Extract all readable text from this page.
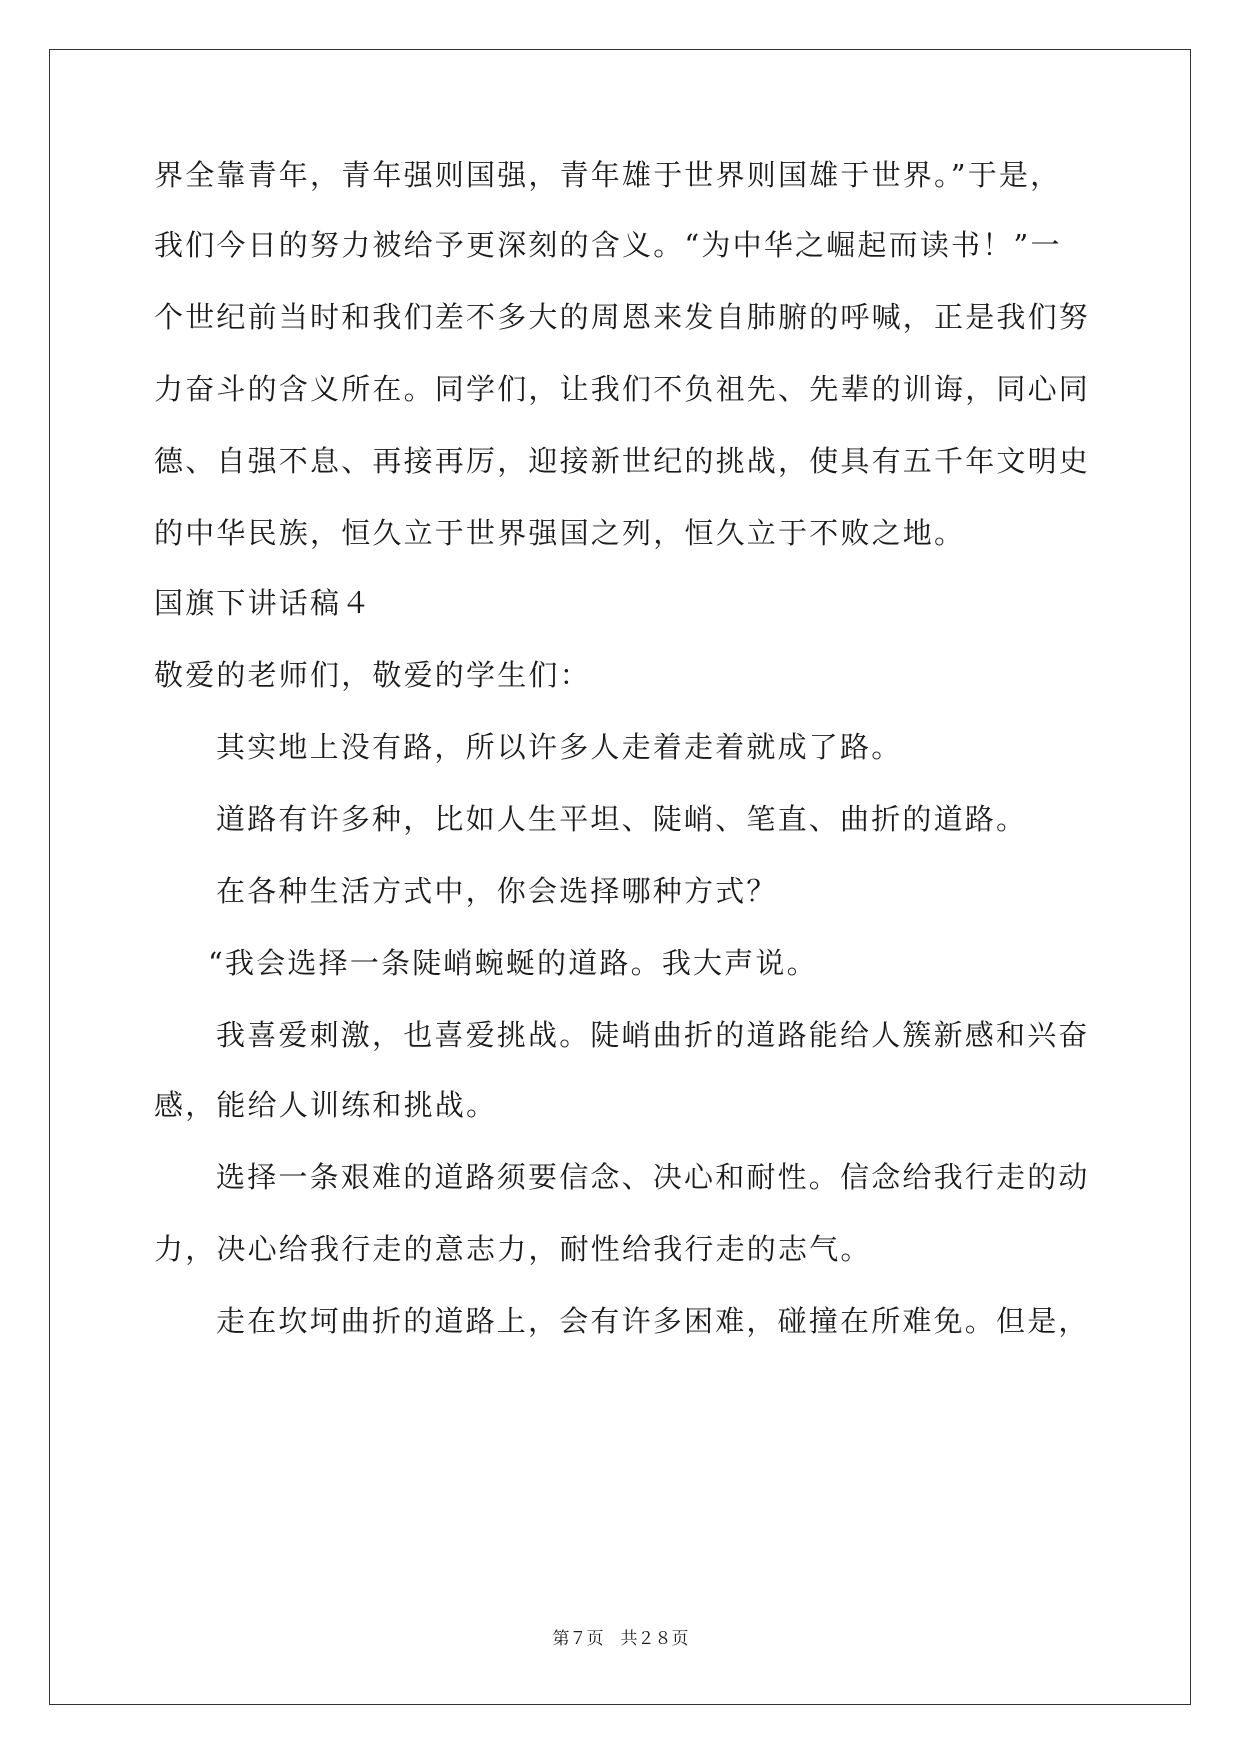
界全靠青年，青年强则国强，青年雄于世界则国雄于世界。”于是，
我们今日的努力被给予更深刻的含义。“为中华之崛起而读书！”一
个世纪前当时和我们差不多大的周恩来发自肺腑的呼喊，正是我们努
力奋斗的含义所在。同学们，让我们不负祖先、先辈的训诲，同心同
德、自强不息、再接再厉，迎接新世纪的挑战，使具有五千年文明史
的中华民族，恒久立于世界强国之列，恒久立于不败之地。
国旗下讲话稿４
敬爱的老师们，敬爱的学生们：
其实地上没有路，所以许多人走着走着就成了路。
道路有许多种，比如人生平坦、陡峭、笔直、曲折的道路。
在各种生活方式中，你会选择哪种方式？
“我会选择一条陡峭蜿蜒的道路。我大声说。
我喜爱刺激，也喜爱挑战。陡峭曲折的道路能给人簇新感和兴奋
感，能给人训练和挑战。
选择一条艰难的道路须要信念、决心和耐性。信念给我行走的动
力，决心给我行走的意志力，耐性给我行走的志气。
走在坎坷曲折的道路上，会有许多困难，碰撞在所难免。但是，
第７页　共２８页
